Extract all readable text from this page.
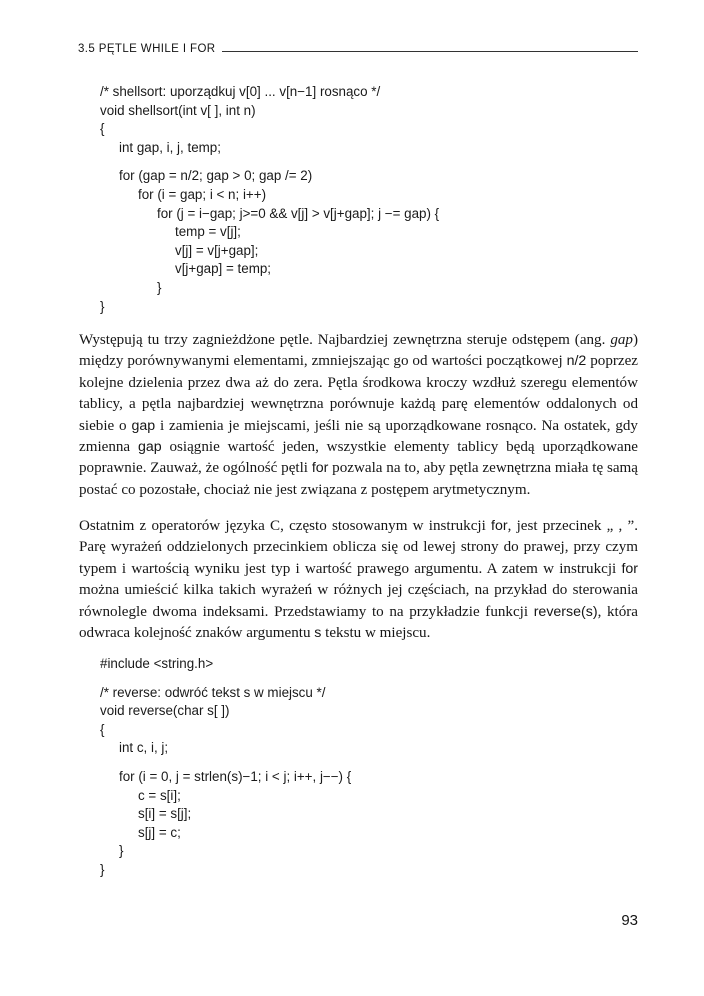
3.5 PĘTLE WHILE I FOR
/* shellsort: uporządkuj v[0] ... v[n−1] rosnąco */
void shellsort(int v[ ], int n)
{
int gap, i, j, temp;
for (gap = n/2; gap > 0; gap /= 2)
for (i = gap; i < n; i++)
for (j = i−gap; j>=0 && v[j] > v[j+gap]; j −= gap) {
temp = v[j];
v[j] = v[j+gap];
v[j+gap] = temp;
}
}

Występują tu trzy zagnieżdżone pętle. Najbardziej zewnętrzna steruje odstępem (ang. gap) między porównywanymi elementami, zmniejszając go od wartości początkowej n/2 poprzez kolejne dzielenia przez dwa aż do zera. Pętla środkowa kroczy wzdłuż szeregu elementów tablicy, a pętla najbardziej wewnętrzna porównuje każdą parę elementów oddalonych od siebie o gap i zamienia je miejscami, jeśli nie są uporządkowane rosnąco. Na ostatek, gdy zmienna gap osiągnie wartość jeden, wszystkie elementy tablicy będą uporządkowane poprawnie. Zauważ, że ogólność pętli for pozwala na to, aby pętla zewnętrzna miała tę samą postać co pozostałe, chociaż nie jest związana z postępem arytmetycznym.

Ostatnim z operatorów języka C, często stosowanym w instrukcji for, jest przecinek „ , ”. Parę wyrażeń oddzielonych przecinkiem oblicza się od lewej strony do prawej, przy czym typem i wartością wyniku jest typ i wartość prawego argumentu. A zatem w instrukcji for można umieścić kilka takich wyrażeń w różnych jej częściach, na przykład do sterowania równolegle dwoma indeksami. Przedstawiamy to na przykładzie funkcji reverse(s), która odwraca kolejność znaków argumentu s tekstu w miejscu.

#include <string.h>
/* reverse: odwróć tekst s w miejscu */
void reverse(char s[ ])
{
int c, i, j;
for (i = 0, j = strlen(s)−1; i < j; i++, j−−) {
c = s[i];
s[i] = s[j];
s[j] = c;
}
}
93
